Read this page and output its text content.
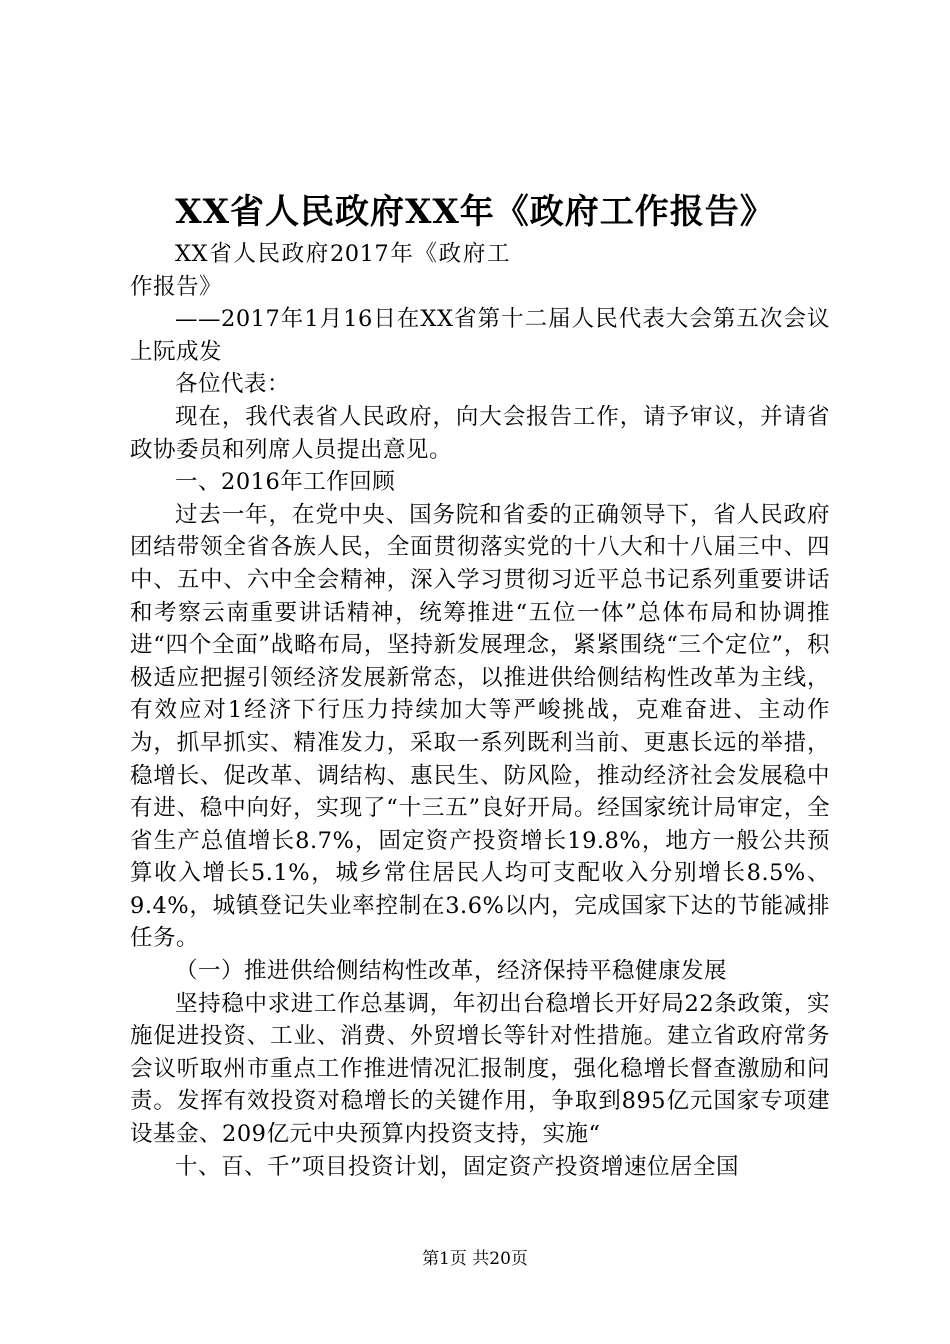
XX省人民政府XX年《政府工作报告》

XX省人民政府2017年《政府工作报告》

——2017年1月16日在XX省第十二届人民代表大会第五次会议上阮成发

各位代表：

现在，我代表省人民政府，向大会报告工作，请予审议，并请省政协委员和列席人员提出意见。

一、2016年工作回顾

过去一年，在党中央、国务院和省委的正确领导下，省人民政府团结带领全省各族人民，全面贯彻落实党的十八大和十八届三中、四中、五中、六中全会精神，深入学习贯彻习近平总书记系列重要讲话和考察云南重要讲话精神，统筹推进“五位一体”总体布局和协调推进“四个全面”战略布局，坚持新发展理念，紧紧围绕“三个定位”，积极适应把握引领经济发展新常态，以推进供给侧结构性改革为主线，有效应对1经济下行压力持续加大等严峻挑战，克难奋进、主动作为，抓早抓实、精准发力，采取一系列既利当前、更惠长远的举措，稳增长、促改革、调结构、惠民生、防风险，推动经济社会发展稳中有进、稳中向好，实现了“十三五”良好开局。经国家统计局审定，全省生产总值增长8.7%，固定资产投资增长19.8%，地方一般公共预算收入增长5.1%，城乡常住居民人均可支配收入分别增长8.5%、9.4%，城镇登记失业率控制在3.6%以内，完成国家下达的节能减排任务。

（一）推进供给侧结构性改革，经济保持平稳健康发展

坚持稳中求进工作总基调，年初出台稳增长开好局22条政策，实施促进投资、工业、消费、外贸增长等针对性措施。建立省政府常务会议听取州市重点工作推进情况汇报制度，强化稳增长督查激励和问责。发挥有效投资对稳增长的关键作用，争取到895亿元国家专项建设基金、209亿元中央预算内投资支持，实施“

十、百、千”项目投资计划，固定资产投资增速位居全国

第1页 共20页
